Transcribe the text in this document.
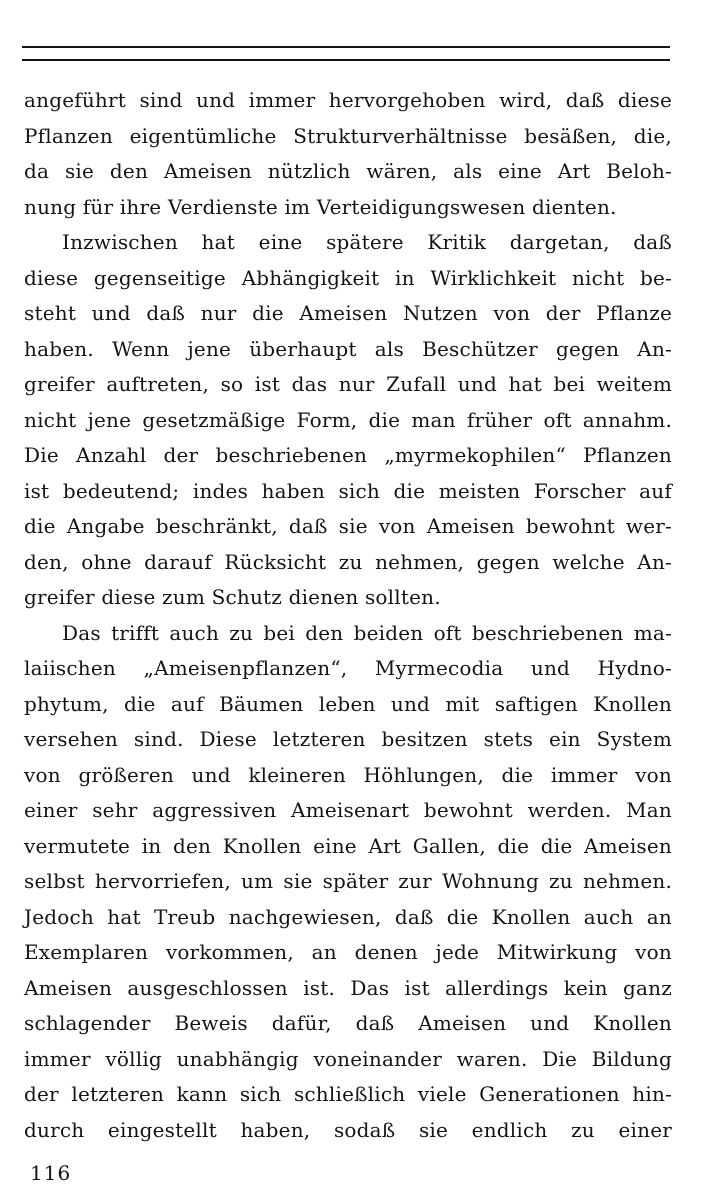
angeführt sind und immer hervorgehoben wird, daß diese
Pflanzen eigentümliche Strukturverhältnisse besäßen, die,
da sie den Ameisen nützlich wären, als eine Art Beloh-
nung für ihre Verdienste im Verteidigungswesen dienten.
Inzwischen hat eine spätere Kritik dargetan, daß
diese gegenseitige Abhängigkeit in Wirklichkeit nicht be-
steht und daß nur die Ameisen Nutzen von der Pflanze
haben. Wenn jene überhaupt als Beschützer gegen An-
greifer auftreten, so ist das nur Zufall und hat bei weitem
nicht jene gesetzmäßige Form, die man früher oft annahm.
Die Anzahl der beschriebenen „myrmekophilen“ Pflanzen
ist bedeutend; indes haben sich die meisten Forscher auf
die Angabe beschränkt, daß sie von Ameisen bewohnt wer-
den, ohne darauf Rücksicht zu nehmen, gegen welche An-
greifer diese zum Schutz dienen sollten.
Das trifft auch zu bei den beiden oft beschriebenen ma-
laiischen „Ameisenpflanzen“, Myrmecodia und Hydno-
phytum, die auf Bäumen leben und mit saftigen Knollen
versehen sind. Diese letzteren besitzen stets ein System
von größeren und kleineren Höhlungen, die immer von
einer sehr aggressiven Ameisenart bewohnt werden. Man
vermutete in den Knollen eine Art Gallen, die die Ameisen
selbst hervorriefen, um sie später zur Wohnung zu nehmen.
Jedoch hat Treub nachgewiesen, daß die Knollen auch an
Exemplaren vorkommen, an denen jede Mitwirkung von
Ameisen ausgeschlossen ist. Das ist allerdings kein ganz
schlagender Beweis dafür, daß Ameisen und Knollen
immer völlig unabhängig voneinander waren. Die Bildung
der letzteren kann sich schließlich viele Generationen hin-
durch eingestellt haben, sodaß sie endlich zu einer
116
